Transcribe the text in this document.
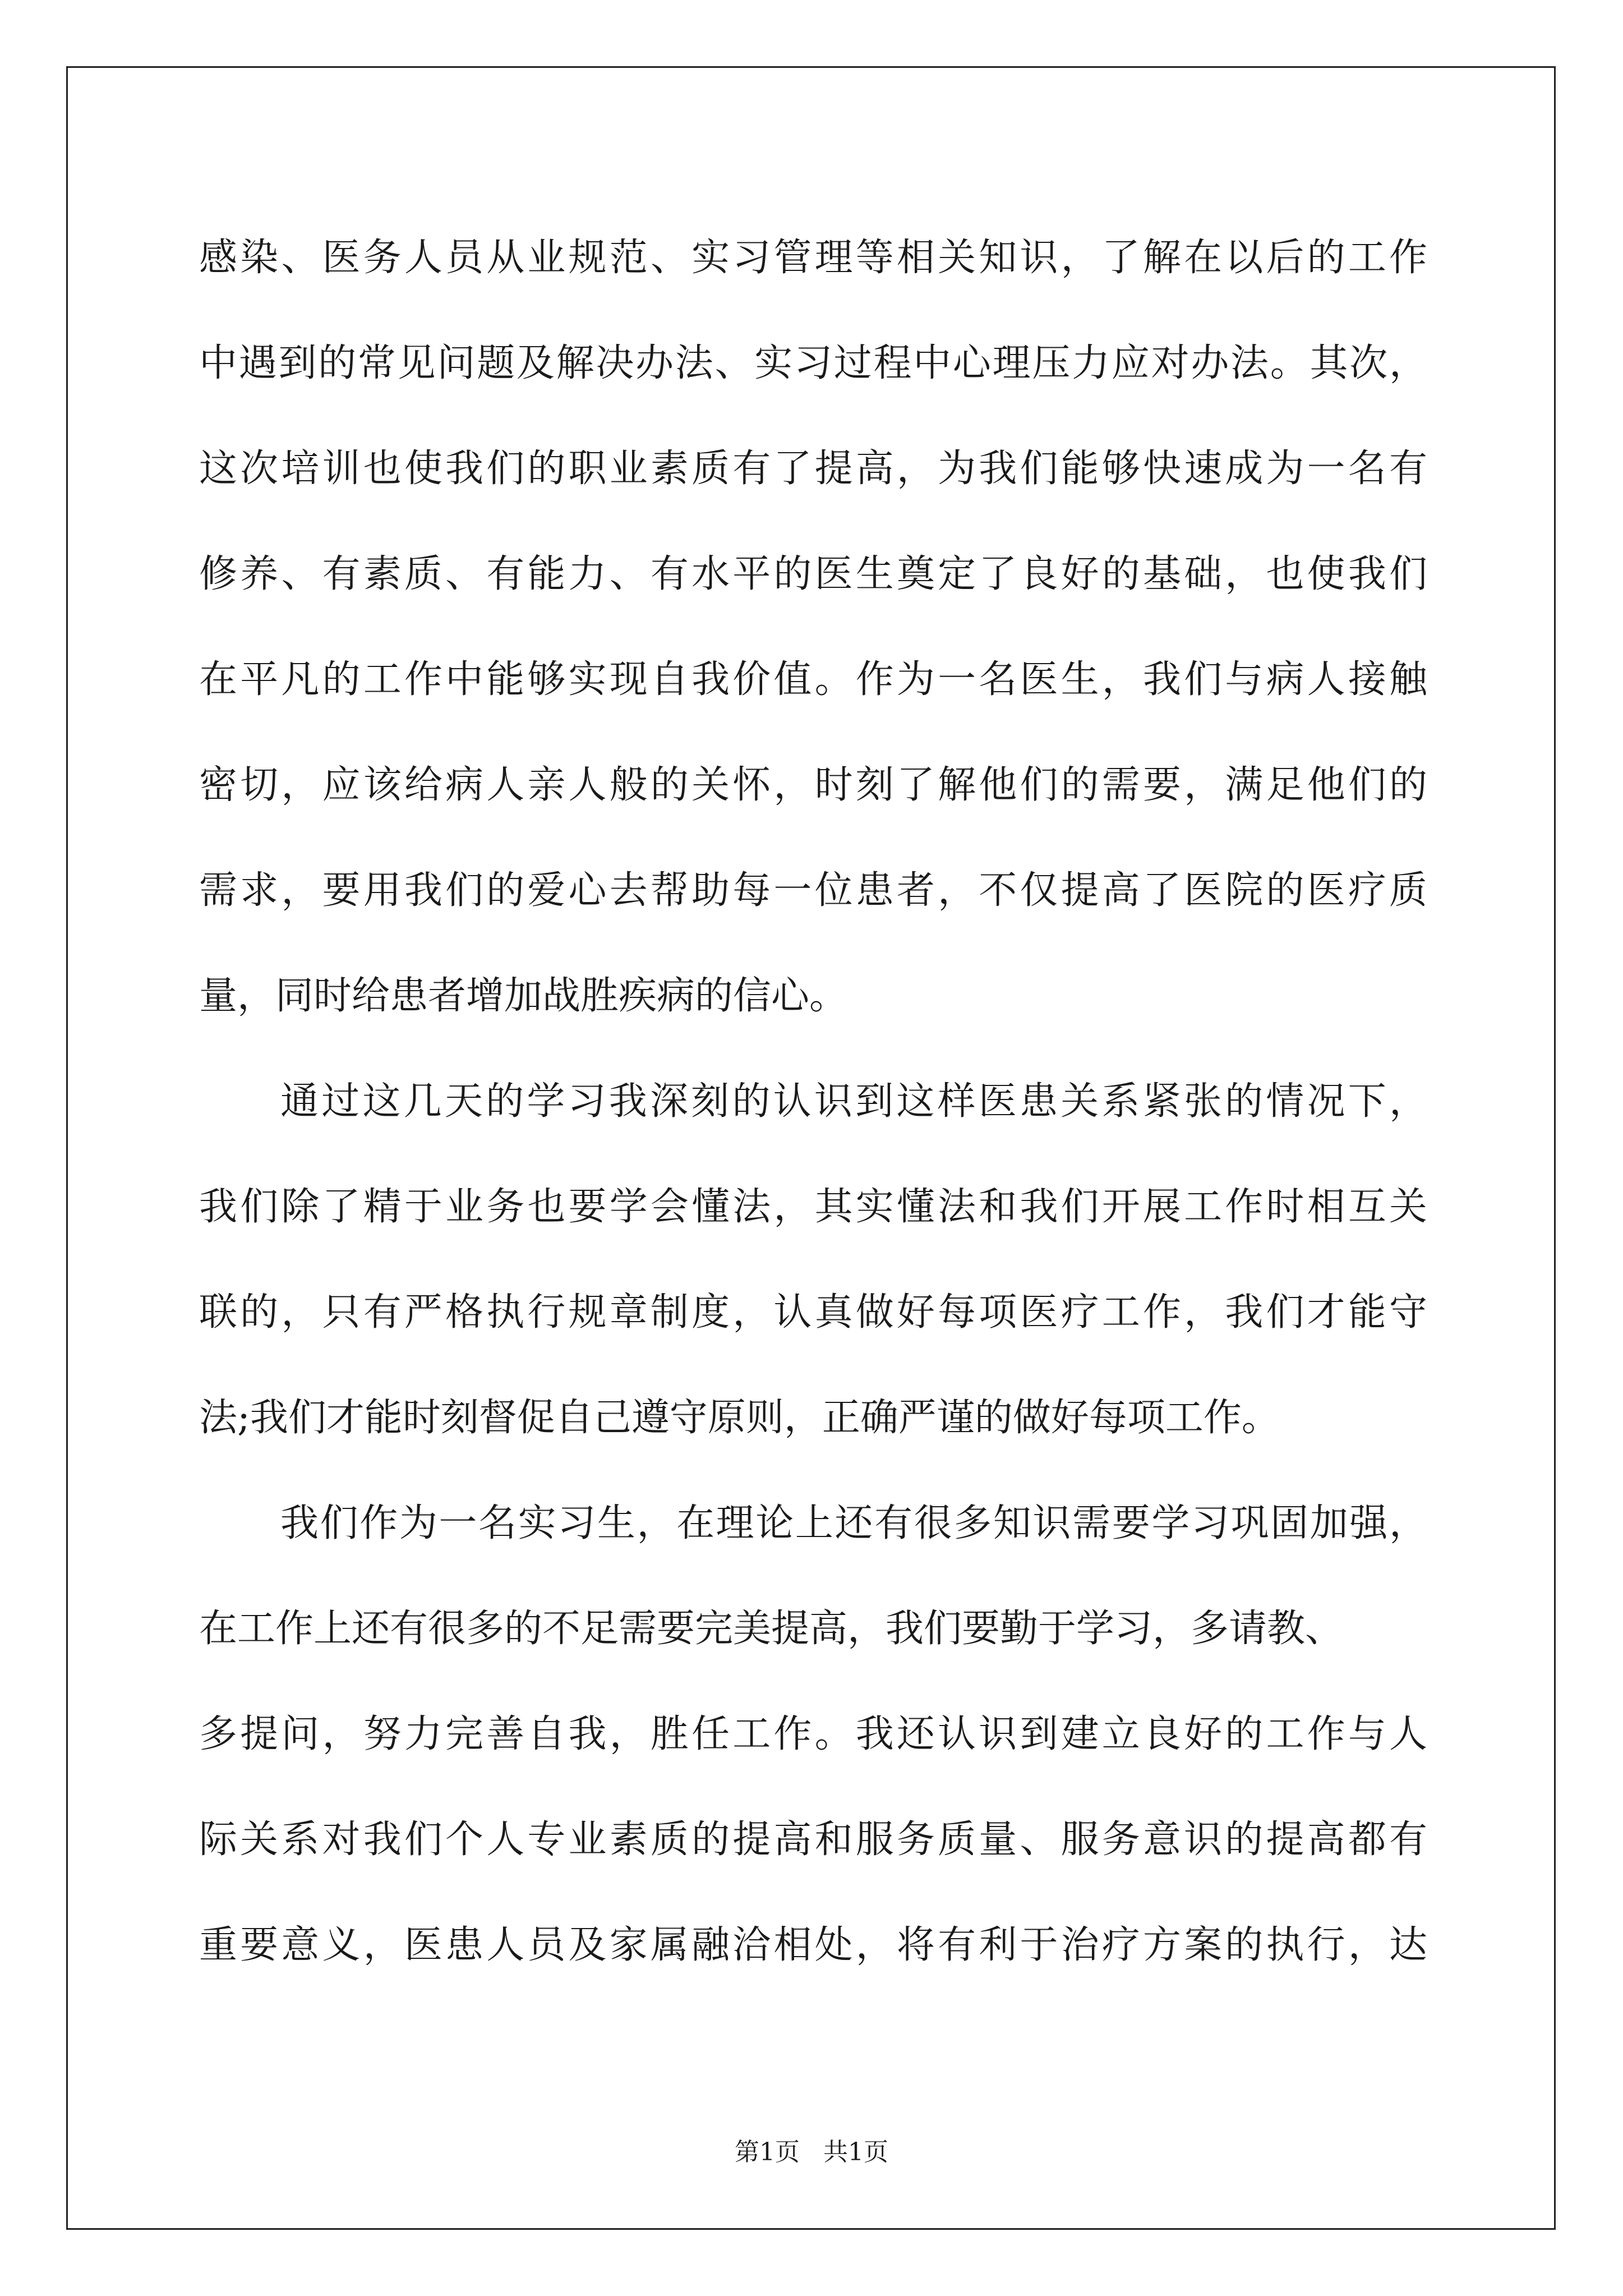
感染、医务人员从业规范、实习管理等相关知识，了解在以后的工作
中遇到的常见问题及解决办法、实习过程中心理压力应对办法。其次，
这次培训也使我们的职业素质有了提高，为我们能够快速成为一名有
修养、有素质、有能力、有水平的医生奠定了良好的基础，也使我们
在平凡的工作中能够实现自我价值。作为一名医生，我们与病人接触
密切，应该给病人亲人般的关怀，时刻了解他们的需要，满足他们的
需求，要用我们的爱心去帮助每一位患者，不仅提高了医院的医疗质
量，同时给患者增加战胜疾病的信心。
通过这几天的学习我深刻的认识到这样医患关系紧张的情况下，
我们除了精于业务也要学会懂法，其实懂法和我们开展工作时相互关
联的，只有严格执行规章制度，认真做好每项医疗工作，我们才能守
法;我们才能时刻督促自己遵守原则，正确严谨的做好每项工作。
我们作为一名实习生，在理论上还有很多知识需要学习巩固加强，
在工作上还有很多的不足需要完美提高，我们要勤于学习，多请教、
多提问，努力完善自我，胜任工作。我还认识到建立良好的工作与人
际关系对我们个人专业素质的提高和服务质量、服务意识的提高都有
重要意义，医患人员及家属融洽相处，将有利于治疗方案的执行，达
第1页   共1页
